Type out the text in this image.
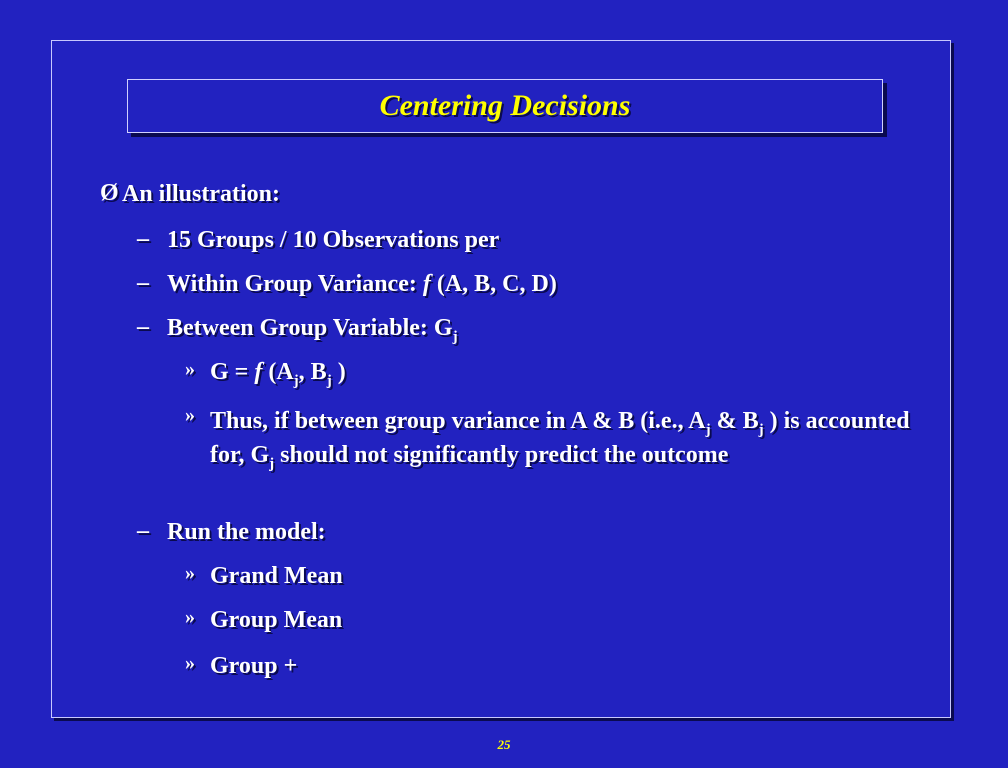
Centering Decisions
Ø An illustration:
– 15 Groups / 10 Observations per
– Within Group Variance: f (A, B, C, D)
– Between Group Variable: $G_j$
» G = f ($A_j$, $B_j$ )
» Thus, if between group variance in A & B (i.e., $A_j$ & $B_j$ ) is accounted for, $G_j$ should not significantly predict the outcome
– Run the model:
» Grand Mean
» Group Mean
» Group +
25
